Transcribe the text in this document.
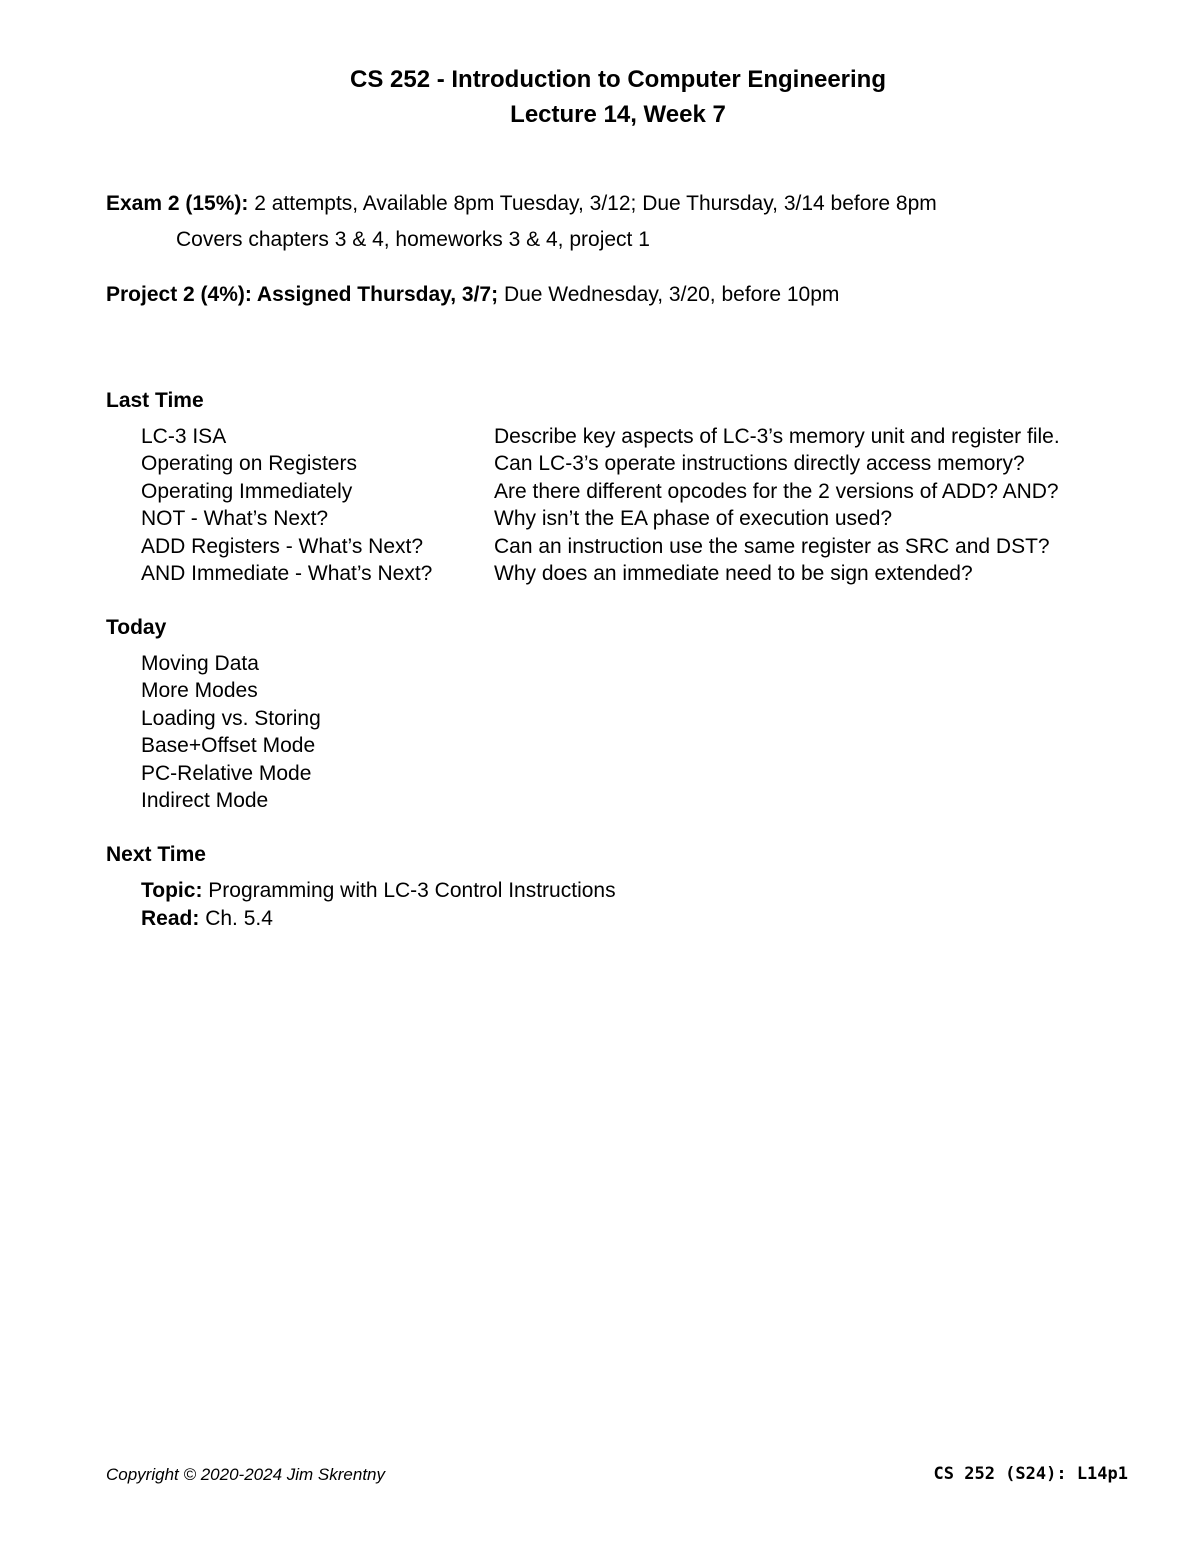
CS 252 - Introduction to Computer Engineering
Lecture 14, Week 7
Exam 2 (15%): 2 attempts, Available 8pm Tuesday, 3/12; Due Thursday, 3/14 before 8pm
Covers chapters 3 & 4, homeworks 3 & 4, project 1
Project 2 (4%): Assigned Thursday, 3/7; Due Wednesday, 3/20, before 10pm
Last Time
LC-3 ISA	Describe key aspects of LC-3’s memory unit and register file.
Operating on Registers	Can LC-3’s operate instructions directly access memory?
Operating Immediately	Are there different opcodes for the 2 versions of ADD? AND?
NOT - What’s Next?	Why isn’t the EA phase of execution used?
ADD Registers - What’s Next?	Can an instruction use the same register as SRC and DST?
AND Immediate - What’s Next?	Why does an immediate need to be sign extended?
Today
Moving Data
More Modes
Loading vs. Storing
Base+Offset Mode
PC-Relative Mode
Indirect Mode
Next Time
Topic: Programming with LC-3 Control Instructions
Read: Ch. 5.4
Copyright © 2020-2024 Jim Skrentny	CS 252 (S24): L14p1
